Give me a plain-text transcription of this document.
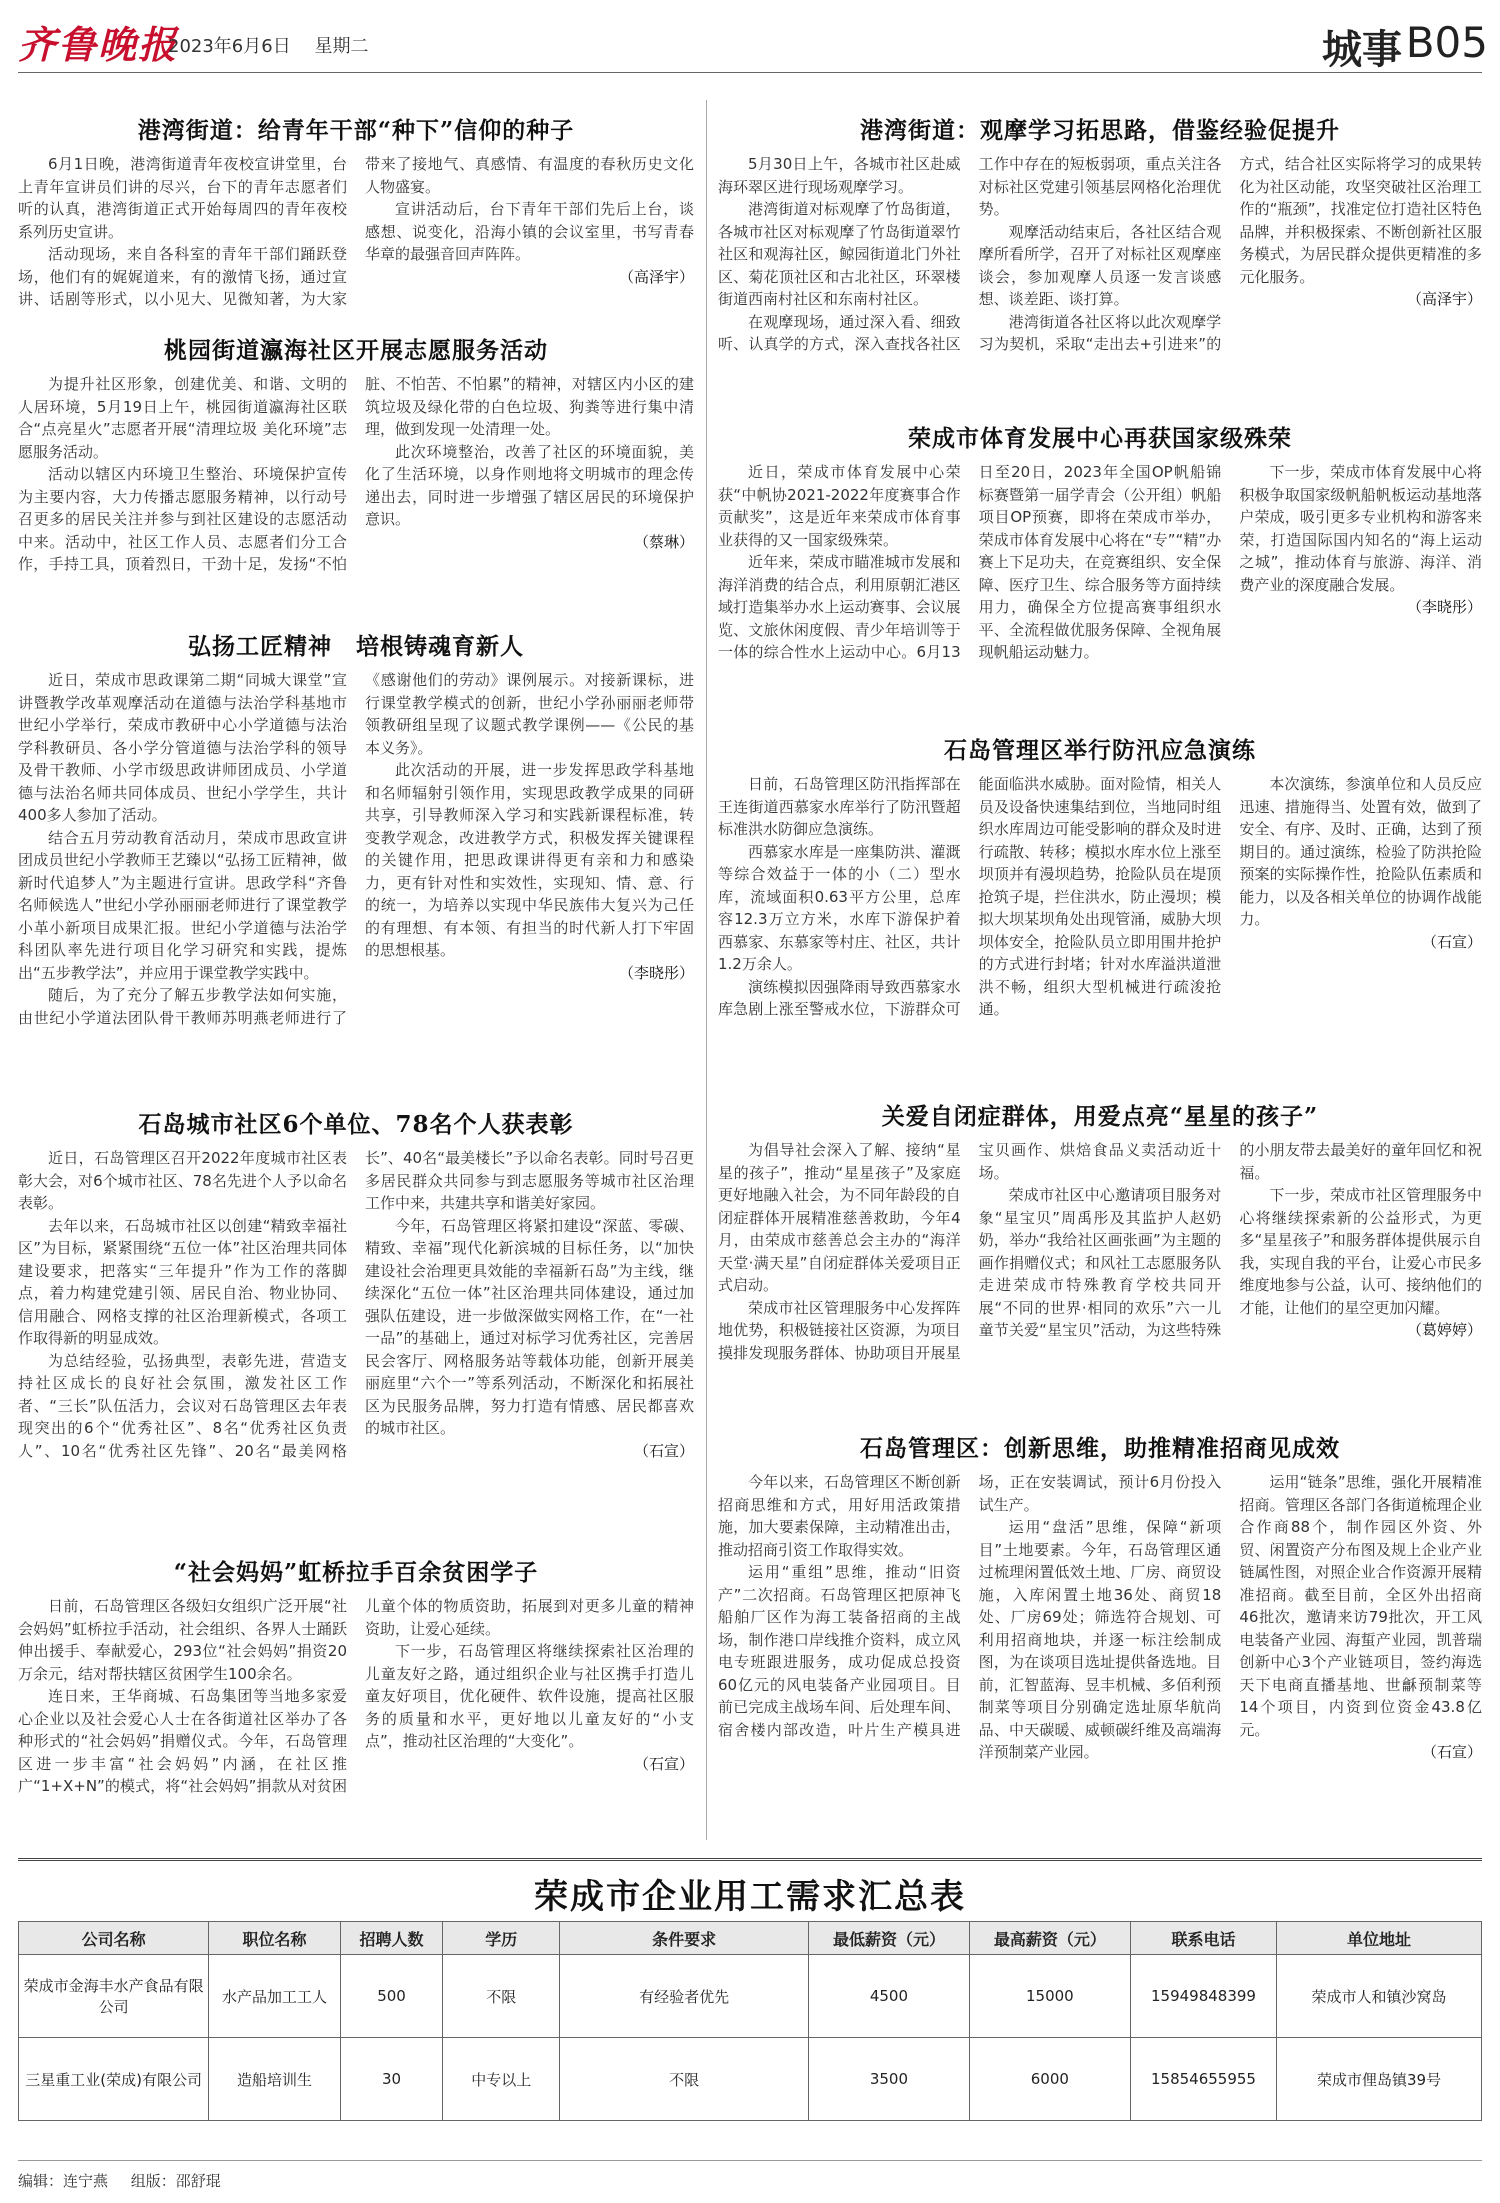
齐鲁晚报
2023年6月6日 星期二	城事 B05
港湾街道：给青年干部“种下”信仰的种子

6月1日晚，港湾街道青年夜校宣讲堂里，台上青年宣讲员们讲的尽兴，台下的青年志愿者们听的认真，港湾街道正式开始每周四的青年夜校系列历史宣讲。

活动现场，来自各科室的青年干部们踊跃登场，他们有的娓娓道来，有的激情飞扬，通过宣讲、话剧等形式，以小见大、见微知著，为大家带来了接地气、真感情、有温度的春秋历史文化人物盛宴。

宣讲活动后，台下青年干部们先后上台，谈感想、说变化，沿海小镇的会议室里，书写青春华章的最强音回声阵阵。

（高泽宇）
桃园街道瀛海社区开展志愿服务活动

为提升社区形象，创建优美、和谐、文明的人居环境，5月19日上午，桃园街道瀛海社区联合“点亮星火”志愿者开展“清理垃圾 美化环境”志愿服务活动。

活动以辖区内环境卫生整治、环境保护宣传为主要内容，大力传播志愿服务精神，以行动号召更多的居民关注并参与到社区建设的志愿活动中来。活动中，社区工作人员、志愿者们分工合作，手持工具，顶着烈日，干劲十足，发扬“不怕脏、不怕苦、不怕累”的精神，对辖区内小区的建筑垃圾及绿化带的白色垃圾、狗粪等进行集中清理，做到发现一处清理一处。

此次环境整治，改善了社区的环境面貌，美化了生活环境，以身作则地将文明城市的理念传递出去，同时进一步增强了辖区居民的环境保护意识。

（蔡琳）
弘扬工匠精神　培根铸魂育新人

近日，荣成市思政课第二期“同城大课堂”宣讲暨教学改革观摩活动在道德与法治学科基地市世纪小学举行，荣成市教研中心小学道德与法治学科教研员、各小学分管道德与法治学科的领导及骨干教师、小学市级思政讲师团成员、小学道德与法治名师共同体成员、世纪小学学生，共计400多人参加了活动。

结合五月劳动教育活动月，荣成市思政宣讲团成员世纪小学教师王艺臻以“弘扬工匠精神，做新时代追梦人”为主题进行宣讲。思政学科“齐鲁名师候选人”世纪小学孙丽丽老师进行了课堂教学小革小新项目成果汇报。世纪小学道德与法治学科团队率先进行项目化学习研究和实践，提炼出“五步教学法”，并应用于课堂教学实践中。

随后，为了充分了解五步教学法如何实施，由世纪小学道法团队骨干教师苏明燕老师进行了《感谢他们的劳动》课例展示。对接新课标，进行课堂教学模式的创新，世纪小学孙丽丽老师带领教研组呈现了议题式教学课例——《公民的基本义务》。

此次活动的开展，进一步发挥思政学科基地和名师辐射引领作用，实现思政教学成果的同研共享，引导教师深入学习和实践新课程标准，转变教学观念，改进教学方式，积极发挥关键课程的关键作用，把思政课讲得更有亲和力和感染力，更有针对性和实效性，实现知、情、意、行的统一，为培养以实现中华民族伟大复兴为己任的有理想、有本领、有担当的时代新人打下牢固的思想根基。

（李晓彤）
石岛城市社区6个单位、78名个人获表彰

近日，石岛管理区召开2022年度城市社区表彰大会，对6个城市社区、78名先进个人予以命名表彰。

去年以来，石岛城市社区以创建“精致幸福社区”为目标，紧紧围绕“五位一体”社区治理共同体建设要求，把落实“三年提升”作为工作的落脚点，着力构建党建引领、居民自治、物业协同、信用融合、网格支撑的社区治理新模式，各项工作取得新的明显成效。

为总结经验，弘扬典型，表彰先进，营造支持社区成长的良好社会氛围，激发社区工作者、“三长”队伍活力，会议对石岛管理区去年表现突出的6个“优秀社区”、8名“优秀社区负责人”、10名“优秀社区先锋”、20名“最美网格长”、40名“最美楼长”予以命名表彰。同时号召更多居民群众共同参与到志愿服务等城市社区治理工作中来，共建共享和谐美好家园。

今年，石岛管理区将紧扣建设“深蓝、零碳、精致、幸福”现代化新滨城的目标任务，以“加快建设社会治理更具效能的幸福新石岛”为主线，继续深化“五位一体”社区治理共同体建设，通过加强队伍建设，进一步做深做实网格工作，在“一社一品”的基础上，通过对标学习优秀社区，完善居民会客厅、网格服务站等载体功能，创新开展美丽庭里“六个一”等系列活动，不断深化和拓展社区为民服务品牌，努力打造有情感、居民都喜欢的城市社区。

（石宣）
“社会妈妈”虹桥拉手百余贫困学子

日前，石岛管理区各级妇女组织广泛开展“社会妈妈”虹桥拉手活动，社会组织、各界人士踊跃伸出援手、奉献爱心，293位“社会妈妈”捐资20万余元，结对帮扶辖区贫困学生100余名。

连日来，王华商城、石岛集团等当地多家爱心企业以及社会爱心人士在各街道社区举办了各种形式的“社会妈妈”捐赠仪式。今年，石岛管理区进一步丰富“社会妈妈”内涵，在社区推广“1+X+N”的模式，将“社会妈妈”捐款从对贫困儿童个体的物质资助，拓展到对更多儿童的精神资助，让爱心延续。

下一步，石岛管理区将继续探索社区治理的儿童友好之路，通过组织企业与社区携手打造儿童友好项目，优化硬件、软件设施，提高社区服务的质量和水平，更好地以儿童友好的“小支点”，推动社区治理的“大变化”。

（石宣）
港湾街道：观摩学习拓思路，借鉴经验促提升

5月30日上午，各城市社区赴威海环翠区进行现场观摩学习。

港湾街道对标观摩了竹岛街道，各城市社区对标观摩了竹岛街道翠竹社区和观海社区，鲸园街道北门外社区、菊花顶社区和古北社区，环翠楼街道西南村社区和东南村社区。

在观摩现场，通过深入看、细致听、认真学的方式，深入查找各社区工作中存在的短板弱项，重点关注各对标社区党建引领基层网格化治理优势。

观摩活动结束后，各社区结合观摩所看所学，召开了对标社区观摩座谈会，参加观摩人员逐一发言谈感想、谈差距、谈打算。

港湾街道各社区将以此次观摩学习为契机，采取“走出去+引进来”的方式，结合社区实际将学习的成果转化为社区动能，攻坚突破社区治理工作的“瓶颈”，找准定位打造社区特色品牌，并积极探索、不断创新社区服务模式，为居民群众提供更精准的多元化服务。

（高泽宇）
荣成市体育发展中心再获国家级殊荣

近日，荣成市体育发展中心荣获“中帆协2021-2022年度赛事合作贡献奖”，这是近年来荣成市体育事业获得的又一国家级殊荣。

近年来，荣成市瞄准城市发展和海洋消费的结合点，利用原朝汇港区域打造集举办水上运动赛事、会议展览、文旅休闲度假、青少年培训等于一体的综合性水上运动中心。6月13日至20日，2023年全国OP帆船锦标赛暨第一届学青会（公开组）帆船项目OP预赛，即将在荣成市举办，荣成市体育发展中心将在“专”“精”办赛上下足功夫，在竞赛组织、安全保障、医疗卫生、综合服务等方面持续用力，确保全方位提高赛事组织水平、全流程做优服务保障、全视角展现帆船运动魅力。

下一步，荣成市体育发展中心将积极争取国家级帆船帆板运动基地落户荣成，吸引更多专业机构和游客来荣，打造国际国内知名的“海上运动之城”，推动体育与旅游、海洋、消费产业的深度融合发展。

（李晓彤）
石岛管理区举行防汛应急演练

日前，石岛管理区防汛指挥部在王连街道西慕家水库举行了防汛暨超标准洪水防御应急演练。

西慕家水库是一座集防洪、灌溉等综合效益于一体的小（二）型水库，流域面积0.63平方公里，总库容12.3万立方米，水库下游保护着西慕家、东慕家等村庄、社区，共计1.2万余人。

演练模拟因强降雨导致西慕家水库急剧上涨至警戒水位，下游群众可能面临洪水威胁。面对险情，相关人员及设备快速集结到位，当地同时组织水库周边可能受影响的群众及时进行疏散、转移；模拟水库水位上涨至坝顶并有漫坝趋势，抢险队员在堤顶抢筑子堤，拦住洪水，防止漫坝；模拟大坝某坝角处出现管涌，威胁大坝坝体安全，抢险队员立即用围井抢护的方式进行封堵；针对水库溢洪道泄洪不畅，组织大型机械进行疏浚抢通。

本次演练，参演单位和人员反应迅速、措施得当、处置有效，做到了安全、有序、及时、正确，达到了预期目的。通过演练，检验了防洪抢险预案的实际操作性，抢险队伍素质和能力，以及各相关单位的协调作战能力。

（石宣）
关爱自闭症群体，用爱点亮“星星的孩子”

为倡导社会深入了解、接纳“星星的孩子”，推动“星星孩子”及家庭更好地融入社会，为不同年龄段的自闭症群体开展精准慈善救助，今年4月，由荣成市慈善总会主办的“海洋天堂·满天星”自闭症群体关爱项目正式启动。

荣成市社区管理服务中心发挥阵地优势，积极链接社区资源，为项目摸排发现服务群体、协助项目开展星宝贝画作、烘焙食品义卖活动近十场。

荣成市社区中心邀请项目服务对象“星宝贝”周禹彤及其监护人赵奶奶，举办“我给社区画张画”为主题的画作捐赠仪式；和风社工志愿服务队走进荣成市特殊教育学校共同开展“不同的世界·相同的欢乐”六一儿童节关爱“星宝贝”活动，为这些特殊的小朋友带去最美好的童年回忆和祝福。

下一步，荣成市社区管理服务中心将继续探索新的公益形式，为更多“星星孩子”和服务群体提供展示自我，实现自我的平台，让爱心市民多维度地参与公益，认可、接纳他们的才能，让他们的星空更加闪耀。

（葛婷婷）
石岛管理区：创新思维，助推精准招商见成效

今年以来，石岛管理区不断创新招商思维和方式，用好用活政策措施，加大要素保障，主动精准出击，推动招商引资工作取得实效。

运用“重组”思维，推动“旧资产”二次招商。石岛管理区把原神飞船舶厂区作为海工装备招商的主战场，制作港口岸线推介资料，成立风电专班跟进服务，成功促成总投资60亿元的风电装备产业园项目。目前已完成主战场车间、后处理车间、宿舍楼内部改造，叶片生产模具进场，正在安装调试，预计6月份投入试生产。

运用“盘活”思维，保障“新项目”土地要素。今年，石岛管理区通过梳理闲置低效土地、厂房、商贸设施，入库闲置土地36处、商贸18处、厂房69处；筛选符合规划、可利用招商地块，并逐一标注绘制成图，为在谈项目选址提供备选地。目前，汇智蓝海、昱丰机械、多佰利预制菜等项目分别确定选址原华航尚品、中天碳暖、威顿碳纤维及高端海洋预制菜产业园。

运用“链条”思维，强化开展精准招商。管理区各部门各街道梳理企业合作商88个，制作园区外资、外贸、闲置资产分布图及规上企业产业链属性图，对照企业合作资源开展精准招商。截至目前，全区外出招商46批次，邀请来访79批次，开工风电装备产业园、海蜇产业园，凯普瑞创新中心3个产业链项目，签约海选天下电商直播基地、世龢预制菜等14个项目，内资到位资金43.8亿元。

（石宣）
荣成市企业用工需求汇总表
公司名称	职位名称	招聘人数	学历	条件要求	最低薪资（元）	最高薪资（元）	联系电话	单位地址
荣成市金海丰水产食品有限公司	水产品加工工人	500	不限	有经验者优先	4500	15000	15949848399	荣成市人和镇沙窝岛
三星重工业(荣成)有限公司	造船培训生	30	中专以上	不限	3500	6000	15854655955	荣成市俚岛镇39号
编辑：连宁燕 组版：邵舒琨
